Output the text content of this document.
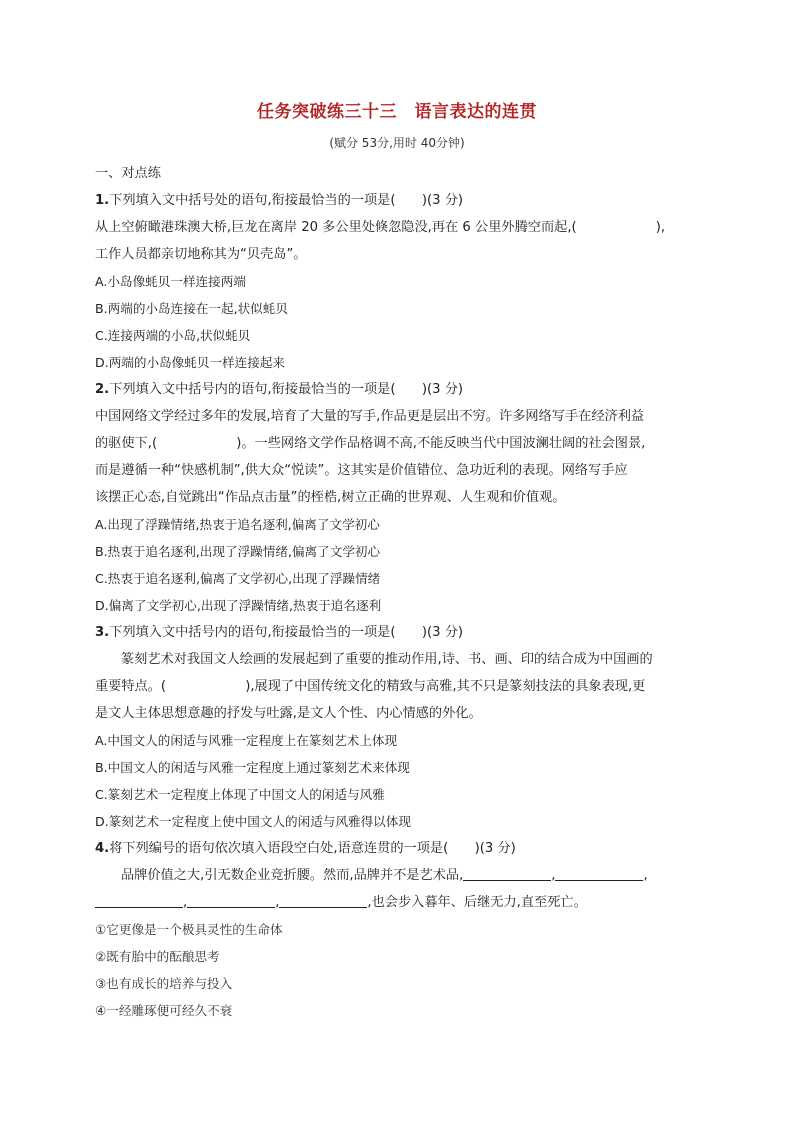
任务突破练三十三　语言表达的连贯
(赋分 53分,用时 40分钟)
一、对点练
1.下列填入文中括号处的语句,衔接最恰当的一项是(　　)(3 分)
从上空俯瞰港珠澳大桥,巨龙在离岸 20 多公里处倏忽隐没,再在 6 公里外腾空而起,(　　　　　　),
工作人员都亲切地称其为“贝壳岛”。
A.小岛像蚝贝一样连接两端
B.两端的小岛连接在一起,状似蚝贝
C.连接两端的小岛,状似蚝贝
D.两端的小岛像蚝贝一样连接起来
2.下列填入文中括号内的语句,衔接最恰当的一项是(　　)(3 分)
中国网络文学经过多年的发展,培育了大量的写手,作品更是层出不穷。许多网络写手在经济利益
的驱使下,(　　　　　　)。一些网络文学作品格调不高,不能反映当代中国波澜壮阔的社会图景,
而是遵循一种“快感机制”,供大众“悦读”。这其实是价值错位、急功近利的表现。网络写手应
该摆正心态,自觉跳出“作品点击量”的桎梏,树立正确的世界观、人生观和价值观。
A.出现了浮躁情绪,热衷于追名逐利,偏离了文学初心
B.热衷于追名逐利,出现了浮躁情绪,偏离了文学初心
C.热衷于追名逐利,偏离了文学初心,出现了浮躁情绪
D.偏离了文学初心,出现了浮躁情绪,热衷于追名逐利
3.下列填入文中括号内的语句,衔接最恰当的一项是(　　)(3 分)
篆刻艺术对我国文人绘画的发展起到了重要的推动作用,诗、书、画、印的结合成为中国画的
重要特点。(　　　　　　),展现了中国传统文化的精致与高雅,其不只是篆刻技法的具象表现,更
是文人主体思想意趣的抒发与吐露,是文人个性、内心情感的外化。
A.中国文人的闲适与风雅一定程度上在篆刻艺术上体现
B.中国文人的闲适与风雅一定程度上通过篆刻艺术来体现
C.篆刻艺术一定程度上体现了中国文人的闲适与风雅
D.篆刻艺术一定程度上使中国文人的闲适与风雅得以体现
4.将下列编号的语句依次填入语段空白处,语意连贯的一项是(　　)(3 分)
品牌价值之大,引无数企业竞折腰。然而,品牌并不是艺术品,	,	,
,	,	,也会步入暮年、后继无力,直至死亡。
①它更像是一个极具灵性的生命体
②既有胎中的酝酿思考
③也有成长的培养与投入
④一经雕琢便可经久不衰
